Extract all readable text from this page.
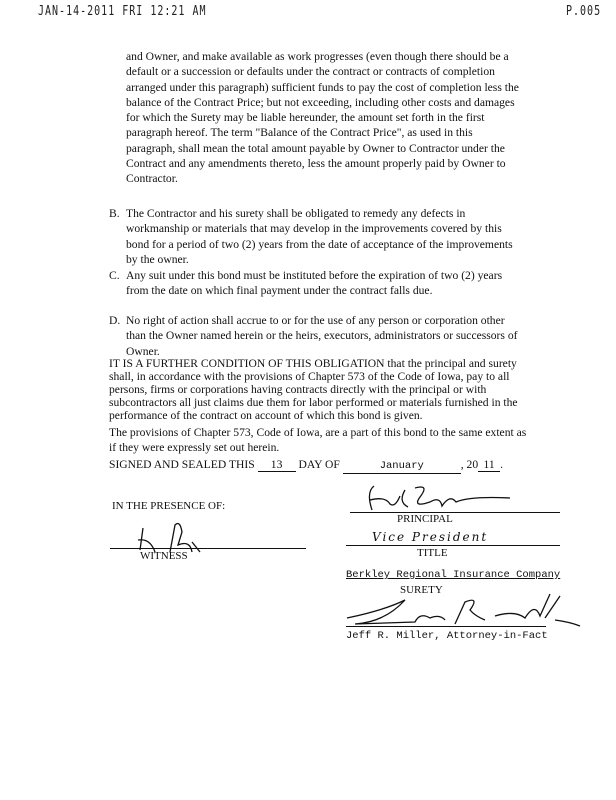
JAN-14-2011 FRI 12:21 AM	P.005
and Owner, and make available as work progresses (even though there should be a
default or a succession or defaults under the contract or contracts of completion
arranged under this paragraph) sufficient funds to pay the cost of completion less the
balance of the Contract Price; but not exceeding, including other costs and damages
for which the Surety may be liable hereunder, the amount set forth in the first
paragraph hereof. The term "Balance of the Contract Price", as used in this
paragraph, shall mean the total amount payable by Owner to Contractor under the
Contract and any amendments thereto, less the amount properly paid by Owner to
Contractor.
B. The Contractor and his surety shall be obligated to remedy any defects in
workmanship or materials that may develop in the improvements covered by this
bond for a period of two (2) years from the date of acceptance of the improvements
by the owner.
C. Any suit under this bond must be instituted before the expiration of two (2) years
from the date on which final payment under the contract falls due.
D. No right of action shall accrue to or for the use of any person or corporation other
than the Owner named herein or the heirs, executors, administrators or successors of
Owner.
IT IS A FURTHER CONDITION OF THIS OBLIGATION that the principal and surety
shall, in accordance with the provisions of Chapter 573 of the Code of Iowa, pay to all
persons, firms or corporations having contracts directly with the principal or with
subcontractors all just claims due them for labor performed or materials furnished in the
performance of the contract on account of which this bond is given.
The provisions of Chapter 573, Code of Iowa, are a part of this bond to the same extent as
if they were expressly set out herein.
SIGNED AND SEALED THIS 13 DAY OF	January	, 20 11 .
IN THE PRESENCE OF:
WITNESS
PRINCIPAL
Vice President
TITLE
Berkley Regional Insurance Company
SURETY
Jeff R. Miller, Attorney-in-Fact
